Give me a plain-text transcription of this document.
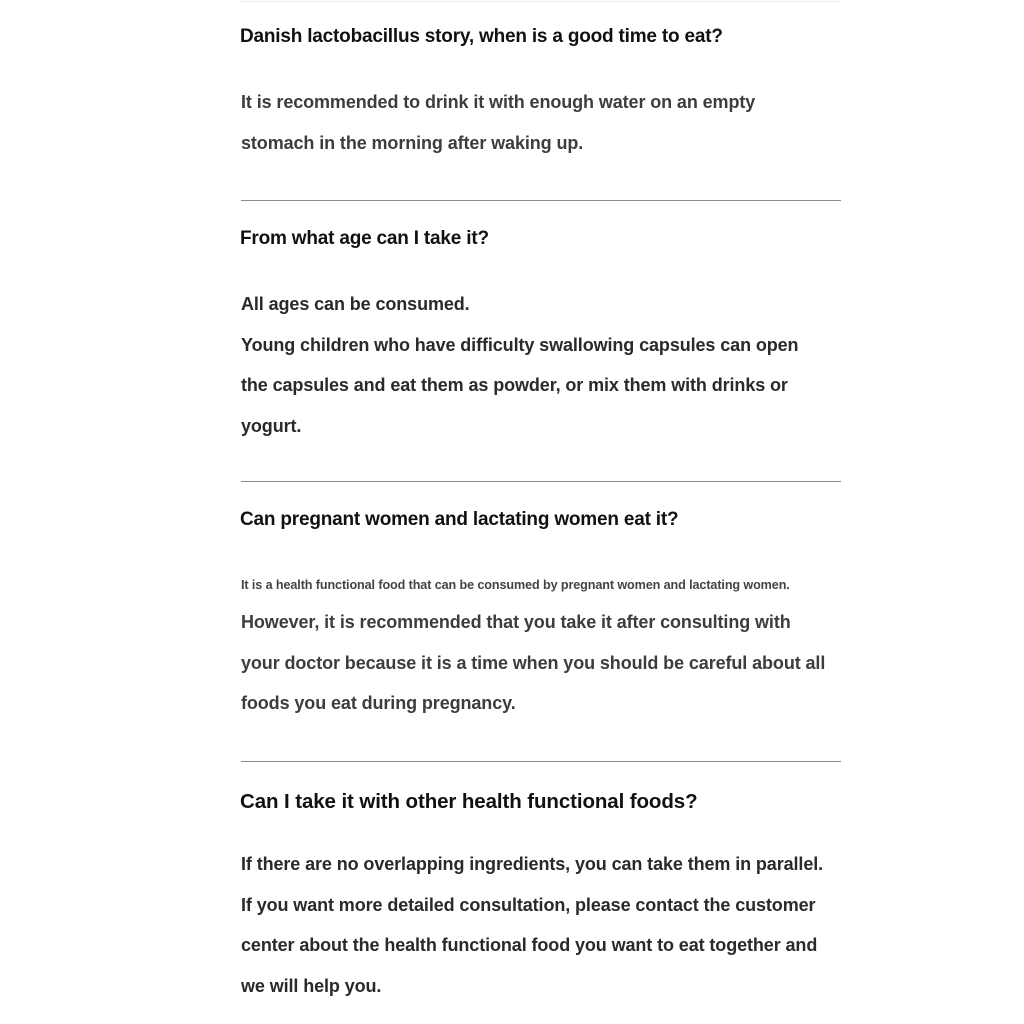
Danish lactobacillus story, when is a good time to eat?
It is recommended to drink it with enough water on an empty
stomach in the morning after waking up.
From what age can I take it?
All ages can be consumed.
Young children who have difficulty swallowing capsules can open
the capsules and eat them as powder, or mix them with drinks or
yogurt.
Can pregnant women and lactating women eat it?
It is a health functional food that can be consumed by pregnant women and lactating women.
However, it is recommended that you take it after consulting with
your doctor because it is a time when you should be careful about all
foods you eat during pregnancy.
Can I take it with other health functional foods?
If there are no overlapping ingredients, you can take them in parallel.
If you want more detailed consultation, please contact the customer
center about the health functional food you want to eat together and
we will help you.
